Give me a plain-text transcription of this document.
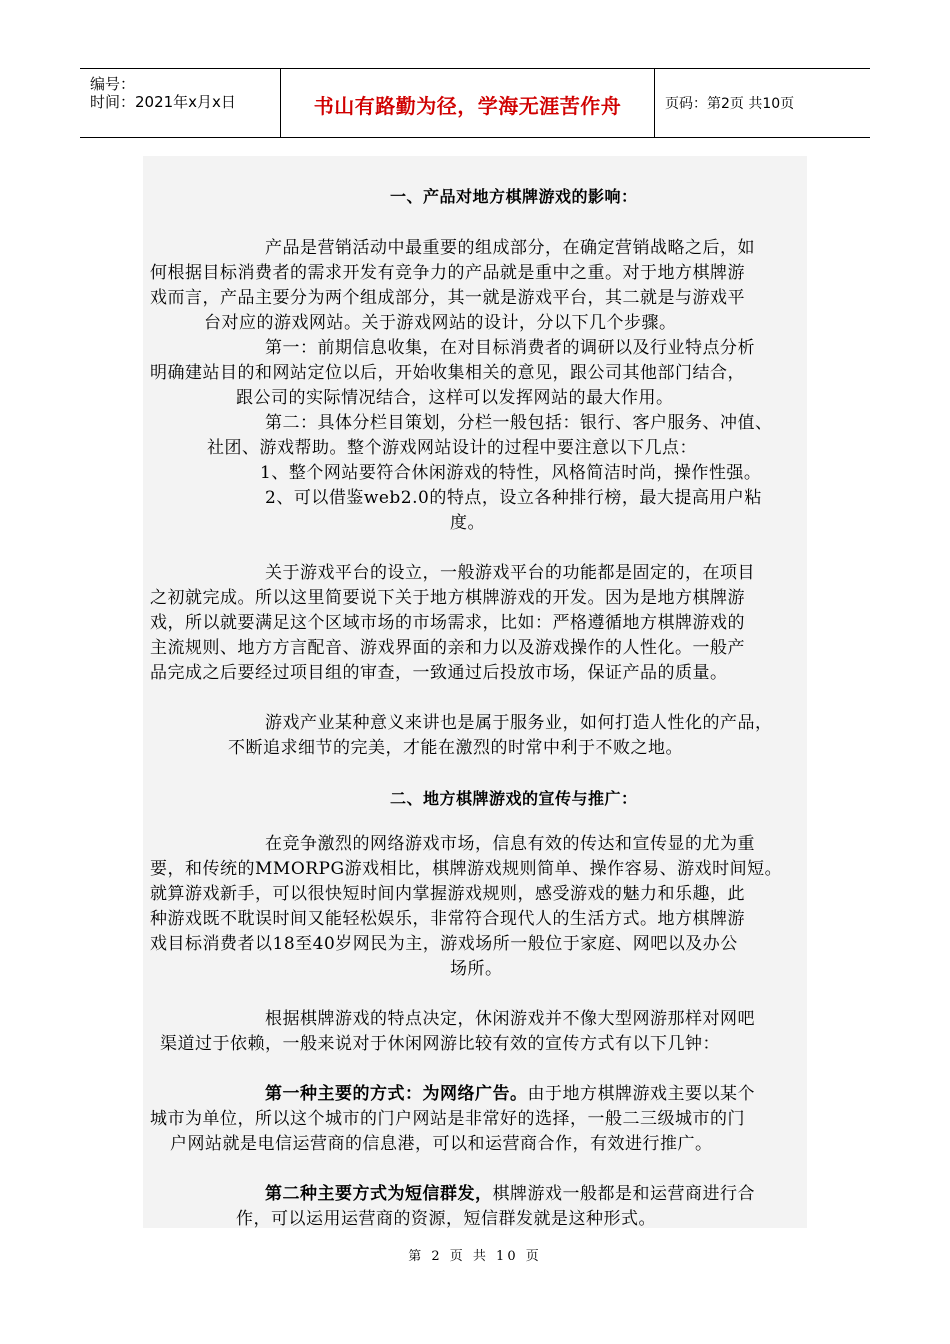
编号：
时间：2021年x月x日	书山有路勤为径，学海无涯苦作舟	页码：第2页 共10页
一、产品对地方棋牌游戏的影响：
产品是营销活动中最重要的组成部分，在确定营销战略之后，如
何根据目标消费者的需求开发有竞争力的产品就是重中之重。对于地方棋牌游
戏而言，产品主要分为两个组成部分，其一就是游戏平台，其二就是与游戏平
台对应的游戏网站。关于游戏网站的设计，分以下几个步骤。
第一：前期信息收集，在对目标消费者的调研以及行业特点分析
明确建站目的和网站定位以后，开始收集相关的意见，跟公司其他部门结合，
跟公司的实际情况结合，这样可以发挥网站的最大作用。
第二：具体分栏目策划，分栏一般包括：银行、客户服务、冲值、
社团、游戏帮助。整个游戏网站设计的过程中要注意以下几点：
1、整个网站要符合休闲游戏的特性，风格简洁时尚，操作性强。
2、可以借鉴web2.0的特点，设立各种排行榜，最大提高用户粘
度。
关于游戏平台的设立，一般游戏平台的功能都是固定的，在项目
之初就完成。所以这里简要说下关于地方棋牌游戏的开发。因为是地方棋牌游
戏，所以就要满足这个区域市场的市场需求，比如：严格遵循地方棋牌游戏的
主流规则、地方方言配音、游戏界面的亲和力以及游戏操作的人性化。一般产
品完成之后要经过项目组的审查，一致通过后投放市场，保证产品的质量。
游戏产业某种意义来讲也是属于服务业，如何打造人性化的产品，
不断追求细节的完美，才能在激烈的时常中利于不败之地。
二、地方棋牌游戏的宣传与推广：
在竞争激烈的网络游戏市场，信息有效的传达和宣传显的尤为重
要，和传统的MMORPG游戏相比，棋牌游戏规则简单、操作容易、游戏时间短。
就算游戏新手，可以很快短时间内掌握游戏规则，感受游戏的魅力和乐趣，此
种游戏既不耽误时间又能轻松娱乐，非常符合现代人的生活方式。地方棋牌游
戏目标消费者以18至40岁网民为主，游戏场所一般位于家庭、网吧以及办公
场所。
根据棋牌游戏的特点决定，休闲游戏并不像大型网游那样对网吧
渠道过于依赖，一般来说对于休闲网游比较有效的宣传方式有以下几钟：
第一种主要的方式：为网络广告。由于地方棋牌游戏主要以某个
城市为单位，所以这个城市的门户网站是非常好的选择，一般二三级城市的门
户网站就是电信运营商的信息港，可以和运营商合作，有效进行推广。
第二种主要方式为短信群发，棋牌游戏一般都是和运营商进行合
作，可以运用运营商的资源，短信群发就是这种形式。
第 2 页 共 10 页
